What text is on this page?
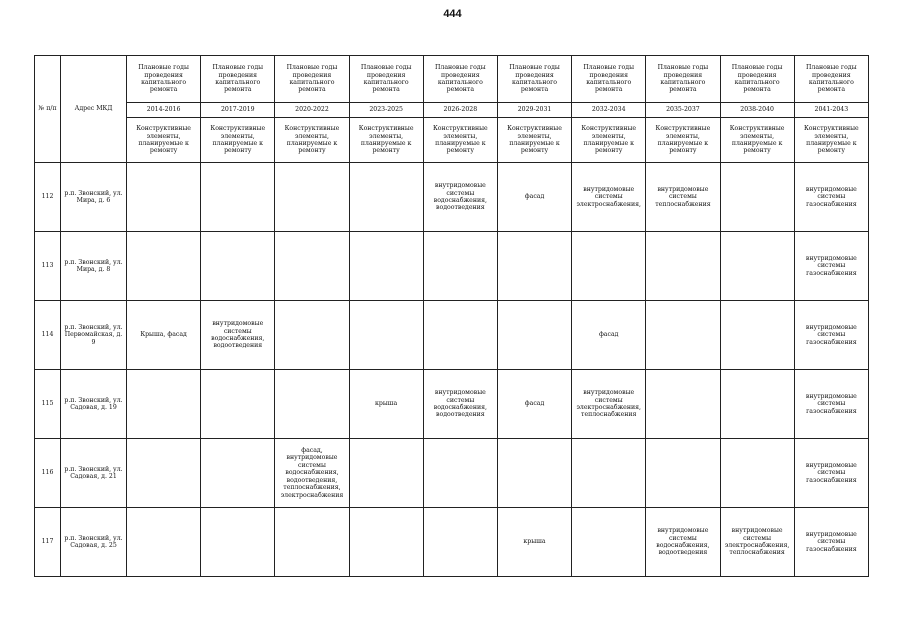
444
№ п/п	Адрес МКД	Плановые годы проведения капитального ремонта	Плановые годы проведения капитального ремонта	Плановые годы проведения капитального ремонта	Плановые годы проведения капитального ремонта	Плановые годы проведения капитального ремонта	Плановые годы проведения капитального ремонта	Плановые годы проведения капитального ремонта	Плановые годы проведения капитального ремонта	Плановые годы проведения капитального ремонта	Плановые годы проведения капитального ремонта
		2014-2016	2017-2019	2020-2022	2023-2025	2026-2028	2029-2031	2032-2034	2035-2037	2038-2040	2041-2043
		Конструктивные элементы, планируемые к ремонту	Конструктивные элементы, планируемые к ремонту	Конструктивные элементы, планируемые к ремонту	Конструктивные элементы, планируемые к ремонту	Конструктивные элементы, планируемые к ремонту	Конструктивные элементы, планируемые к ремонту	Конструктивные элементы, планируемые к ремонту	Конструктивные элементы, планируемые к ремонту	Конструктивные элементы, планируемые к ремонту	Конструктивные элементы, планируемые к ремонту
112	р.п. Звонский, ул. Мира, д. 6					внутридомовые системы водоснабжения, водоотведения	фасад	внутридомовые системы электроснабжения,	внутридомовые системы теплоснабжения		внутридомовые системы газоснабжения
113	р.п. Звонский, ул. Мира, д. 8										внутридомовые системы газоснабжения
114	р.п. Звонский, ул. Первомайская, д. 9	Крыша, фасад	внутридомовые системы водоснабжения, водоотведения					фасад			внутридомовые системы газоснабжения
115	р.п. Звонский, ул. Садовая, д. 19				крыша	внутридомовые системы водоснабжения, водоотведения	фасад	внутридомовые системы электроснабжения, теплоснабжения			внутридомовые системы газоснабжения
116	р.п. Звонский, ул. Садовая, д. 21			фасад, внутридомовые системы водоснабжения, водоотведения, теплоснабжения, электроснабжения							внутридомовые системы газоснабжения
117	р.п. Звонский, ул. Садовая, д. 25						крыша		внутридомовые системы водоснабжения, водоотведения	внутридомовые системы электроснабжения, теплоснабжения	внутридомовые системы газоснабжения
